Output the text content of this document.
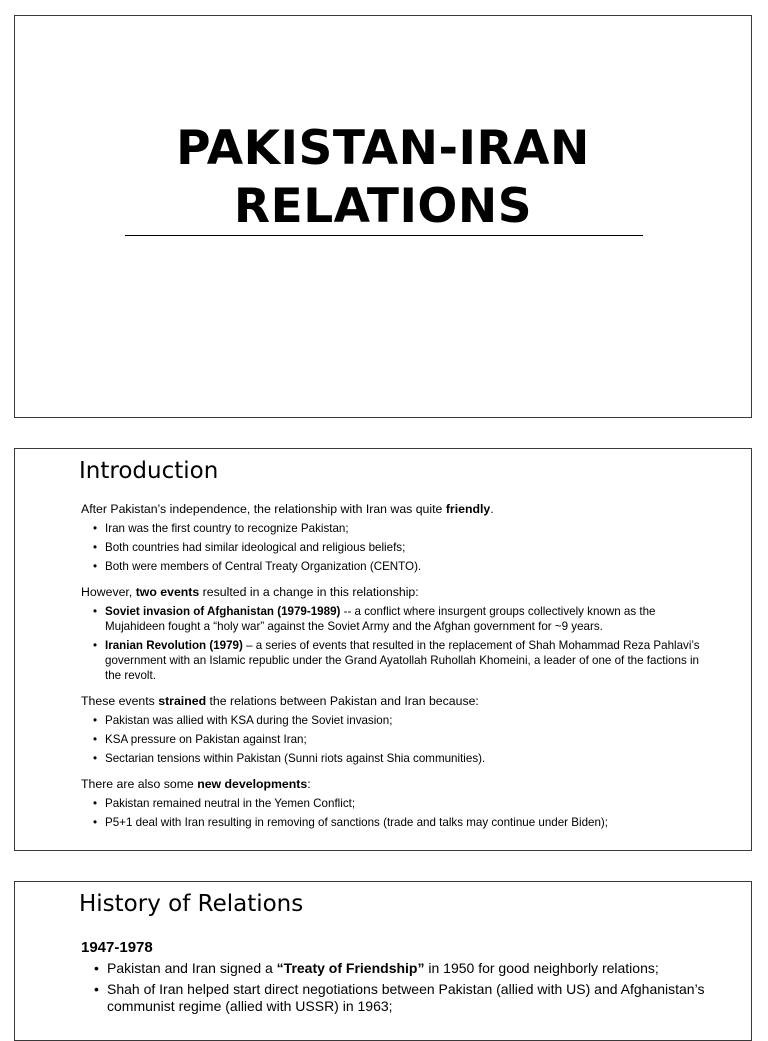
PAKISTAN-IRAN
RELATIONS
Introduction

After Pakistan’s independence, the relationship with Iran was quite friendly.

• Iran was the first country to recognize Pakistan;
• Both countries had similar ideological and religious beliefs;
• Both were members of Central Treaty Organization (CENTO).

However, two events resulted in a change in this relationship:

• Soviet invasion of Afghanistan (1979-1989) -- a conflict where insurgent groups collectively known as the Mujahideen fought a “holy war” against the Soviet Army and the Afghan government for ~9 years.
• Iranian Revolution (1979) – a series of events that resulted in the replacement of Shah Mohammad Reza Pahlavi’s government with an Islamic republic under the Grand Ayatollah Ruhollah Khomeini, a leader of one of the factions in the revolt.

These events strained the relations between Pakistan and Iran because:

• Pakistan was allied with KSA during the Soviet invasion;
• KSA pressure on Pakistan against Iran;
• Sectarian tensions within Pakistan (Sunni riots against Shia communities).

There are also some new developments:

• Pakistan remained neutral in the Yemen Conflict;
• P5+1 deal with Iran resulting in removing of sanctions (trade and talks may continue under Biden);
History of Relations
1947-1978
• Pakistan and Iran signed a “Treaty of Friendship” in 1950 for good neighborly relations;
• Shah of Iran helped start direct negotiations between Pakistan (allied with US) and Afghanistan’s communist regime (allied with USSR) in 1963;
